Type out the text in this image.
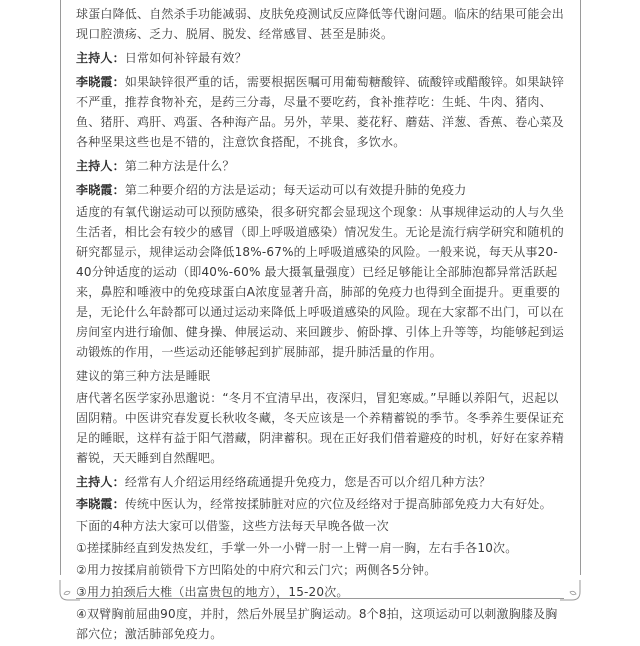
球蛋白降低、自然杀手功能减弱、皮肤免疫测试反应降低等代谢问题。临床的结果可能会出现口腔溃疡、乏力、脱屑、脱发、经常感冒、甚至是肺炎。

主持人：日常如何补锌最有效？

李晓霞：如果缺锌很严重的话，需要根据医嘱可用葡萄糖酸锌、硫酸锌或醋酸锌。如果缺锌不严重，推荐食物补充，是药三分毒，尽量不要吃药，食补推荐吃：生蚝、牛肉、猪肉、鱼、猪肝、鸡肝、鸡蛋、各种海产品。另外，苹果、菱花籽、蘑菇、洋葱、香蕉、卷心菜及各种坚果这些也是不错的，注意饮食搭配，不挑食，多饮水。

主持人：第二种方法是什么？

李晓霞：第二种要介绍的方法是运动；每天运动可以有效提升肺的免疫力

适度的有氧代谢运动可以预防感染，很多研究都会显现这个现象：从事规律运动的人与久坐生活者，相比会有较少的感冒（即上呼吸道感染）情况发生。无论是流行病学研究和随机的研究都显示，规律运动会降低18%-67%的上呼吸道感染的风险。一般来说，每天从事20-40分钟适度的运动（即40%-60% 最大摄氧量强度）已经足够能让全部肺泡都异常活跃起来，鼻腔和唾液中的免疫球蛋白A浓度显著升高，肺部的免疫力也得到全面提升。更重要的是，无论什么年龄都可以通过运动来降低上呼吸道感染的风险。现在大家都不出门，可以在房间室内进行瑜伽、健身操、伸展运动、来回踱步、俯卧撑、引体上升等等，均能够起到运动锻炼的作用，一些运动还能够起到扩展肺部，提升肺活量的作用。

建议的第三种方法是睡眠

唐代著名医学家孙思邈说：“冬月不宜清早出，夜深归，冒犯寒威。”早睡以养阳气，迟起以固阴精。中医讲究春发夏长秋收冬藏，冬天应该是一个养精蓄锐的季节。冬季养生要保证充足的睡眠，这样有益于阳气潜藏，阴津蓄积。现在正好我们借着避疫的时机，好好在家养精蓄锐，天天睡到自然醒吧。

主持人：经常有人介绍运用经络疏通提升免疫力，您是否可以介绍几种方法？

李晓霞：传统中医认为，经常按揉肺脏对应的穴位及经络对于提高肺部免疫力大有好处。

下面的4种方法大家可以借鉴，这些方法每天早晚各做一次

①搓揉肺经直到发热发红，手掌一外一小臂一肘一上臂一肩一胸，左右手各10次。

②用力按揉肩前锁骨下方凹陷处的中府穴和云门穴；两侧各5分钟。

③用力拍颈后大椎（出富贵包的地方），15-20次。

④双臂胸前屈曲90度，并肘，然后外展呈扩胸运动。8个8拍，这项运动可以刺激胸膝及胸部穴位；激活肺部免疫力。
